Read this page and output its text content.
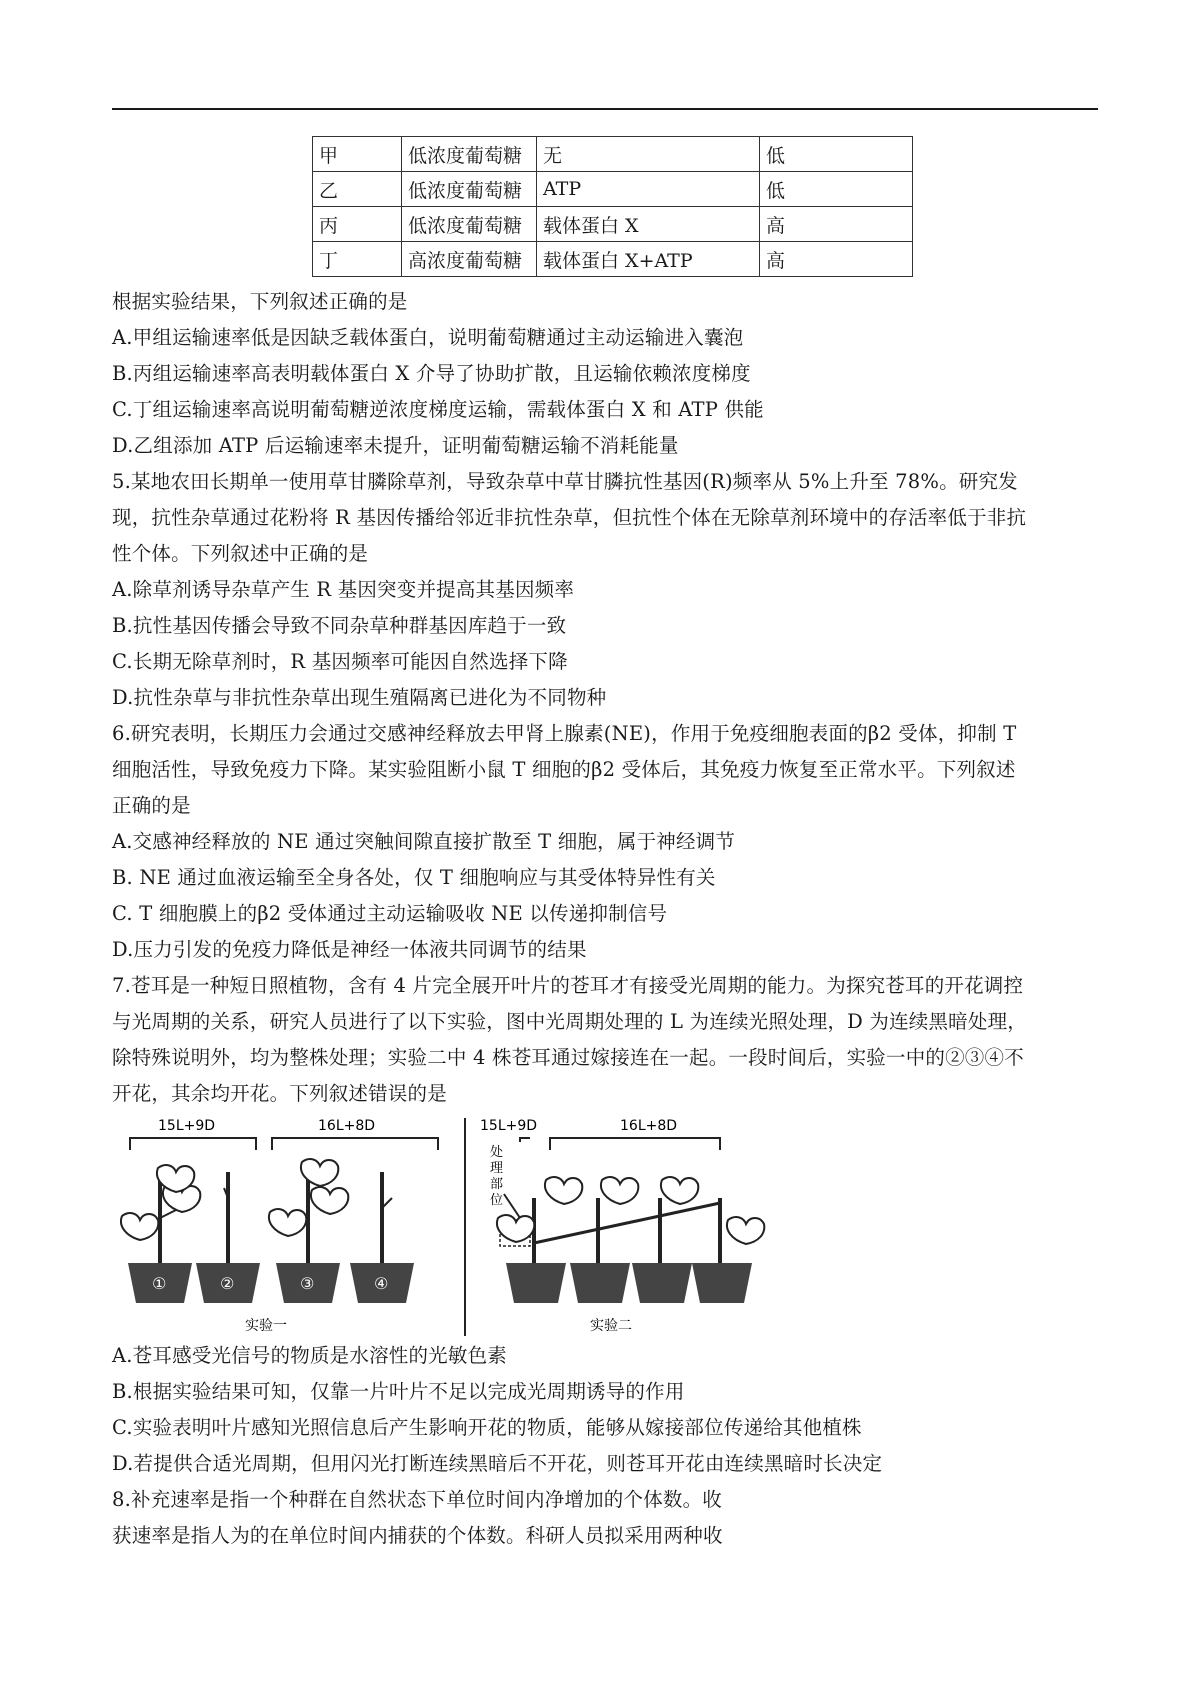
甲	低浓度葡萄糖	无	低
乙	低浓度葡萄糖	ATP	低
丙	低浓度葡萄糖	载体蛋白 X	高
丁	高浓度葡萄糖	载体蛋白 X+ATP	高
根据实验结果，下列叙述正确的是
A.甲组运输速率低是因缺乏载体蛋白，说明葡萄糖通过主动运输进入囊泡
B.丙组运输速率高表明载体蛋白 X 介导了协助扩散，且运输依赖浓度梯度
C.丁组运输速率高说明葡萄糖逆浓度梯度运输，需载体蛋白 X 和 ATP 供能
D.乙组添加 ATP 后运输速率未提升，证明葡萄糖运输不消耗能量
5.某地农田长期单一使用草甘膦除草剂，导致杂草中草甘膦抗性基因(R)频率从 5%上升至 78%。研究发
现，抗性杂草通过花粉将 R 基因传播给邻近非抗性杂草，但抗性个体在无除草剂环境中的存活率低于非抗
性个体。下列叙述中正确的是
A.除草剂诱导杂草产生 R 基因突变并提高其基因频率
B.抗性基因传播会导致不同杂草种群基因库趋于一致
C.长期无除草剂时，R 基因频率可能因自然选择下降
D.抗性杂草与非抗性杂草出现生殖隔离已进化为不同物种
6.研究表明，长期压力会通过交感神经释放去甲肾上腺素(NE)，作用于免疫细胞表面的β2 受体，抑制 T
细胞活性，导致免疫力下降。某实验阻断小鼠 T 细胞的β2 受体后，其免疫力恢复至正常水平。下列叙述
正确的是
A.交感神经释放的 NE 通过突触间隙直接扩散至 T 细胞，属于神经调节
B. NE 通过血液运输至全身各处，仅 T 细胞响应与其受体特异性有关
C. T 细胞膜上的β2 受体通过主动运输吸收 NE 以传递抑制信号
D.压力引发的免疫力降低是神经一体液共同调节的结果
7.苍耳是一种短日照植物，含有 4 片完全展开叶片的苍耳才有接受光周期的能力。为探究苍耳的开花调控
与光周期的关系，研究人员进行了以下实验，图中光周期处理的 L 为连续光照处理，D 为连续黑暗处理，
除特殊说明外，均为整株处理；实验二中 4 株苍耳通过嫁接连在一起。一段时间后，实验一中的②③④不
开花，其余均开花。下列叙述错误的是
15L+9D	16L+8D
①	②	③	④
实验一
15L+9D	16L+8D
处
理
部
位
实验二
A.苍耳感受光信号的物质是水溶性的光敏色素
B.根据实验结果可知，仅靠一片叶片不足以完成光周期诱导的作用
C.实验表明叶片感知光照信息后产生影响开花的物质，能够从嫁接部位传递给其他植株
D.若提供合适光周期，但用闪光打断连续黑暗后不开花，则苍耳开花由连续黑暗时长决定
8.补充速率是指一个种群在自然状态下单位时间内净增加的个体数。收
获速率是指人为的在单位时间内捕获的个体数。科研人员拟采用两种收
